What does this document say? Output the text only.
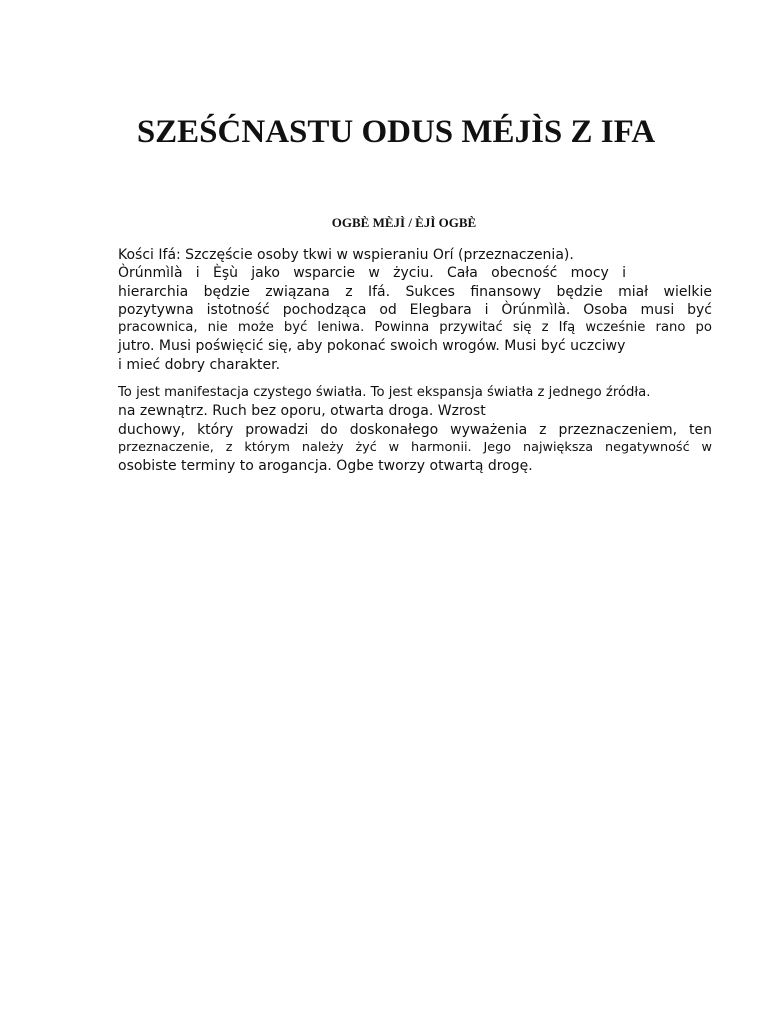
SZEŚĆNASTU ODUS MÉJÌS Z IFA
OGBÈ MÈJÌ / ÈJÌ OGBÈ
Kości Ifá: Szczęście osoby tkwi w wspieraniu Orí (przeznaczenia).
Òrúnmìlà i Èşù jako wsparcie w życiu. Cała obecność mocy i
hierarchia będzie związana z Ifá. Sukces finansowy będzie miał wielkie
pozytywna istotność pochodząca od Elegbara i Òrúnmìlà. Osoba musi być
pracownica, nie może być leniwa. Powinna przywitać się z Ifą wcześnie rano po
jutro. Musi poświęcić się, aby pokonać swoich wrogów. Musi być uczciwy
i mieć dobry charakter.
To jest manifestacja czystego światła. To jest ekspansja światła z jednego źródła.
na zewnątrz. Ruch bez oporu, otwarta droga. Wzrost
duchowy, który prowadzi do doskonałego wyważenia z przeznaczeniem, ten
przeznaczenie, z którym należy żyć w harmonii. Jego największa negatywność w
osobiste terminy to arogancja. Ogbe tworzy otwartą drogę.
